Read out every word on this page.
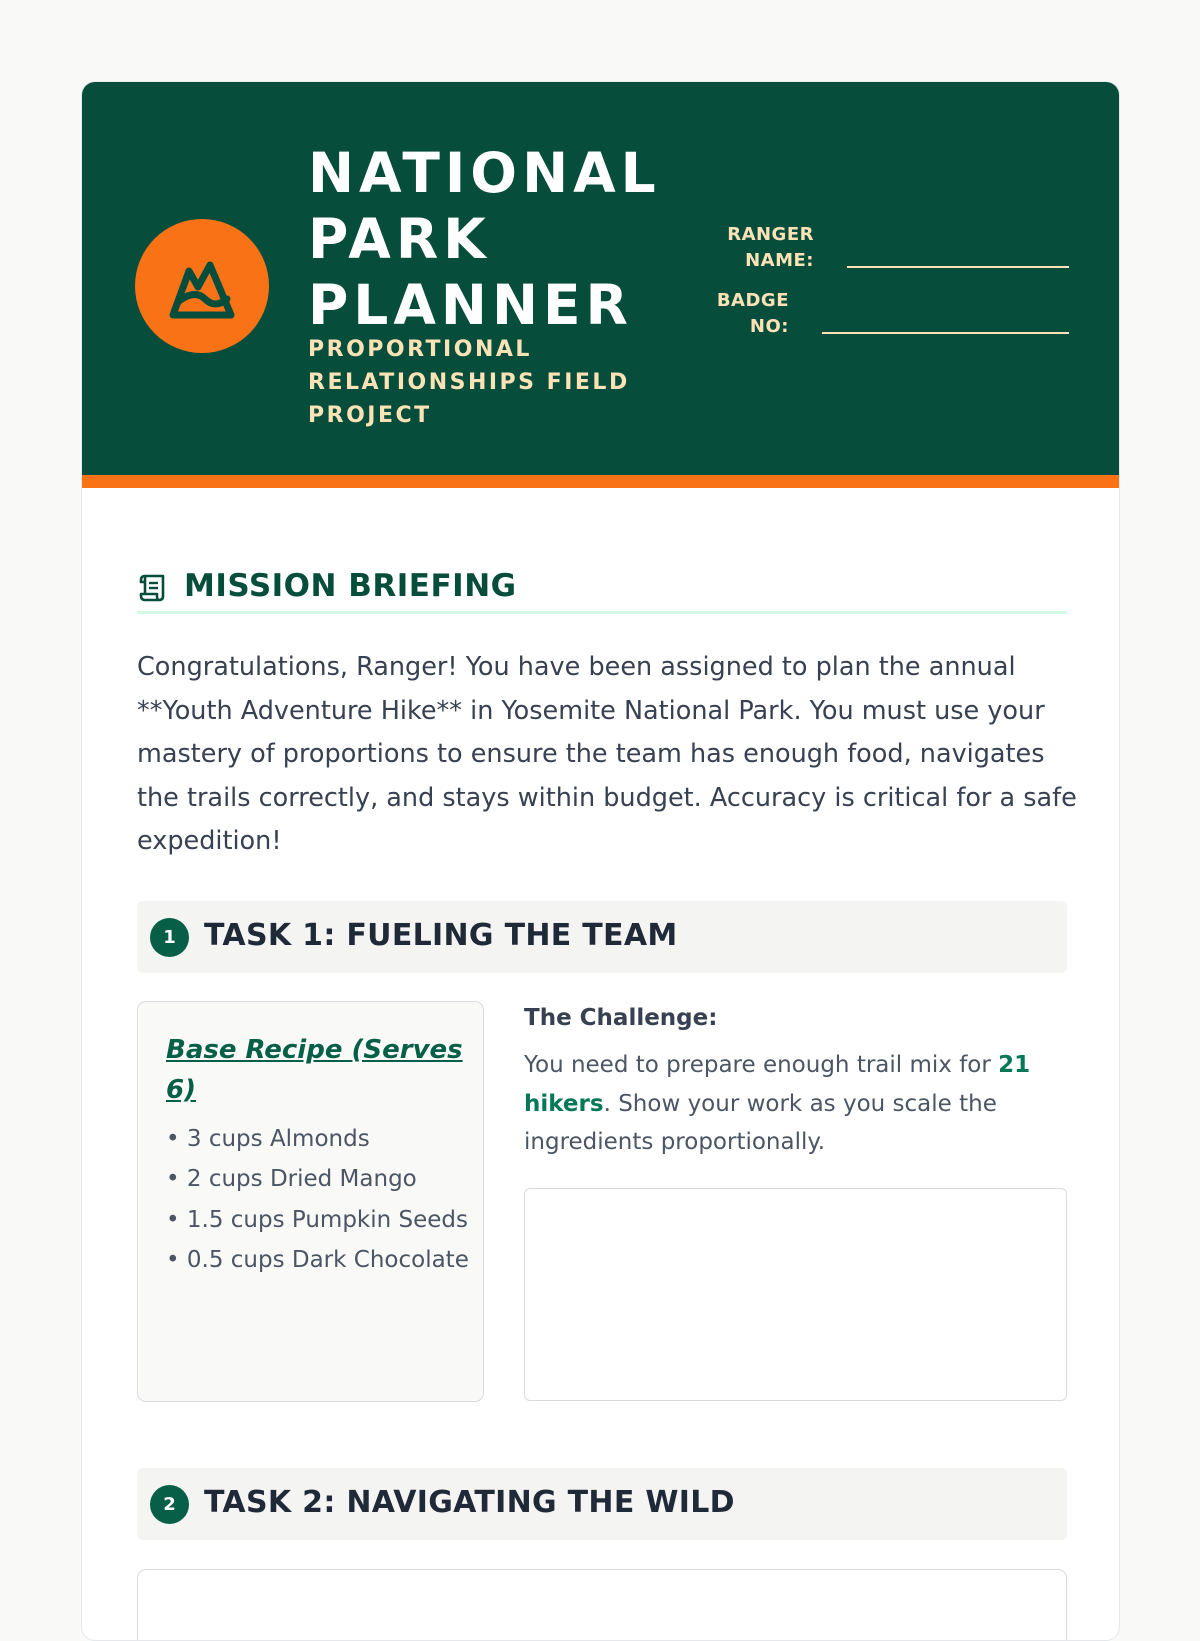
NATIONAL
PARK
PLANNER
PROPORTIONAL
RELATIONSHIPS FIELD
PROJECT
RANGER
NAME:
BADGE
NO:
MISSION BRIEFING

Congratulations, Ranger! You have been assigned to plan the annual **Youth Adventure Hike** in Yosemite National Park. You must use your mastery of proportions to ensure the team has enough food, navigates the trails correctly, and stays within budget. Accuracy is critical for a safe expedition!

1 TASK 1: FUELING THE TEAM
Base Recipe (Serves 6)
• 3 cups Almonds
• 2 cups Dried Mango
• 1.5 cups Pumpkin Seeds
• 0.5 cups Dark Chocolate
The Challenge:
You need to prepare enough trail mix for 21 hikers. Show your work as you scale the ingredients proportionally.
2 TASK 2: NAVIGATING THE WILD
